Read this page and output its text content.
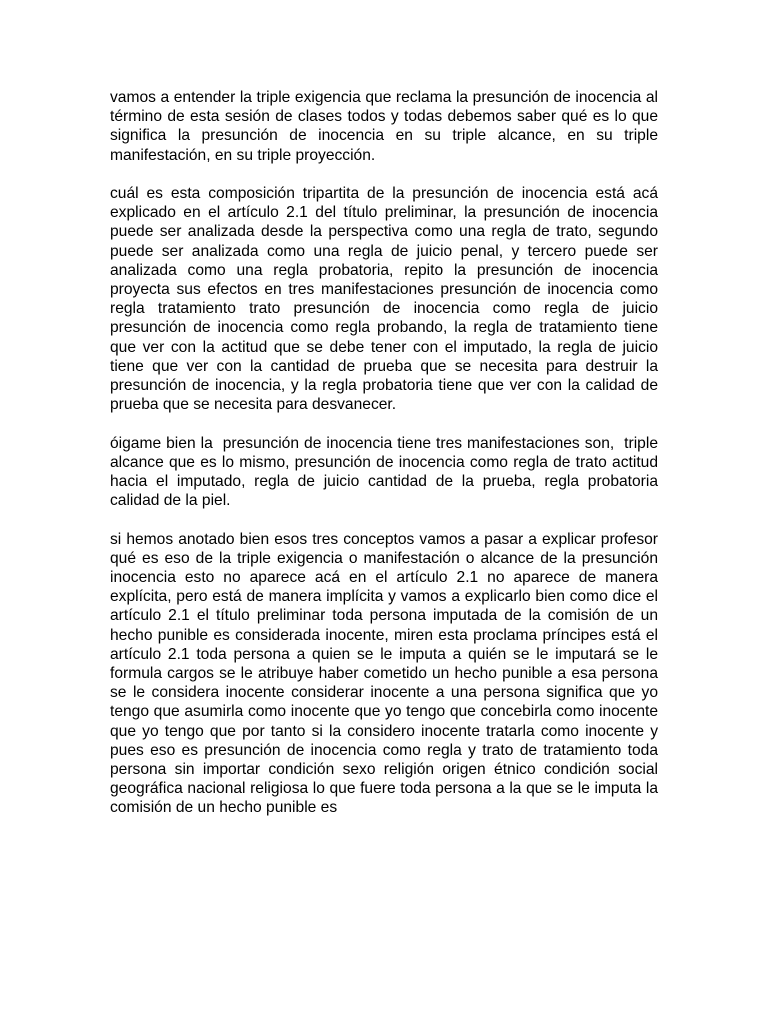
vamos a entender la triple exigencia que reclama la presunción de inocencia al término de esta sesión de clases todos y todas debemos saber qué es lo que significa la presunción de inocencia en su triple alcance, en su triple manifestación, en su triple proyección.

cuál es esta composición tripartita de la presunción de inocencia está acá explicado en el artículo 2.1 del título preliminar, la presunción de inocencia puede ser analizada desde la perspectiva como una regla de trato, segundo puede ser analizada como una regla de juicio penal, y tercero puede ser analizada como una regla probatoria, repito la presunción de inocencia proyecta sus efectos en tres manifestaciones presunción de inocencia como regla tratamiento trato presunción de inocencia como regla de juicio presunción de inocencia como regla probando, la regla de tratamiento tiene que ver con la actitud que se debe tener con el imputado, la regla de juicio tiene que ver con la cantidad de prueba que se necesita para destruir la presunción de inocencia, y la regla probatoria tiene que ver con la calidad de prueba que se necesita para desvanecer.

óigame bien la  presunción de inocencia tiene tres manifestaciones son,  triple alcance que es lo mismo, presunción de inocencia como regla de trato actitud hacia el imputado, regla de juicio cantidad de la prueba, regla probatoria calidad de la piel.

si hemos anotado bien esos tres conceptos vamos a pasar a explicar profesor qué es eso de la triple exigencia o manifestación o alcance de la presunción inocencia esto no aparece acá en el artículo 2.1 no aparece de manera explícita, pero está de manera implícita y vamos a explicarlo bien como dice el artículo 2.1 el título preliminar toda persona imputada de la comisión de un hecho punible es considerada inocente, miren esta proclama príncipes está el artículo 2.1 toda persona a quien se le imputa a quién se le imputará se le formula cargos se le atribuye haber cometido un hecho punible a esa persona se le considera inocente considerar inocente a una persona significa que yo tengo que asumirla como inocente que yo tengo que concebirla como inocente que yo tengo que por tanto si la considero inocente tratarla como inocente y pues eso es presunción de inocencia como regla y trato de tratamiento toda persona sin importar condición sexo religión origen étnico condición social geográfica nacional religiosa lo que fuere toda persona a la que se le imputa la comisión de un hecho punible es
